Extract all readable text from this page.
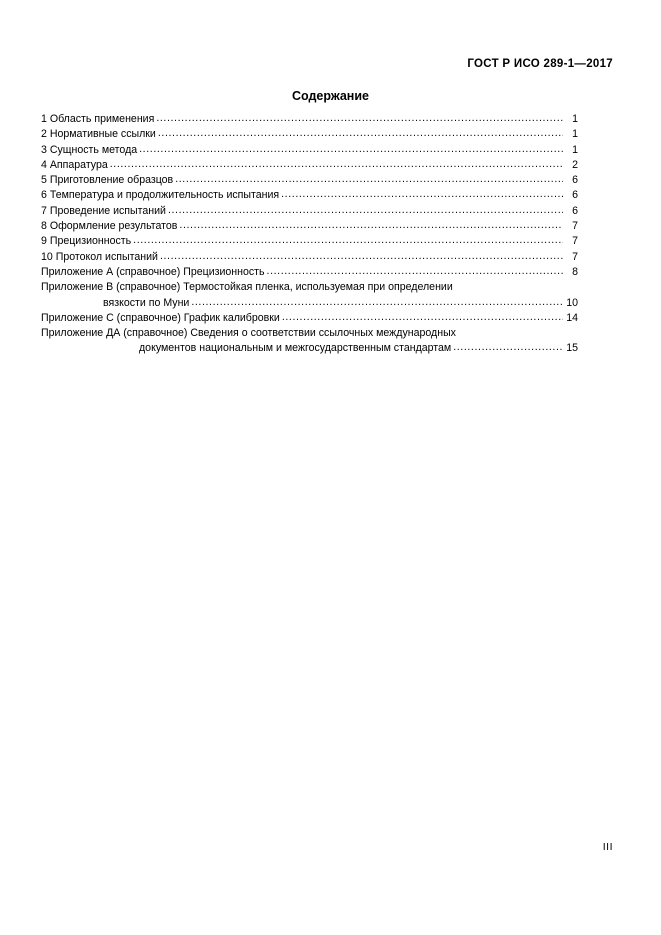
ГОСТ Р ИСО 289-1—2017
Содержание
1 Область применения .....	1
2 Нормативные ссылки .....	1
3 Сущность метода .....	1
4 Аппаратура .....	2
5 Приготовление образцов .....	6
6 Температура и продолжительность испытания .....	6
7 Проведение испытаний .....	6
8 Оформление результатов .....	7
9 Прецизионность .....	7
10 Протокол испытаний .....	7
Приложение А (справочное) Прецизионность .....	8
Приложение В (справочное) Термостойкая пленка, используемая при определении
вязкости по Муни .....	10
Приложение С (справочное) График калибровки .....	14
Приложение ДА (справочное) Сведения о соответствии ссылочных международных
документов национальным и межгосударственным стандартам .....	15
III
